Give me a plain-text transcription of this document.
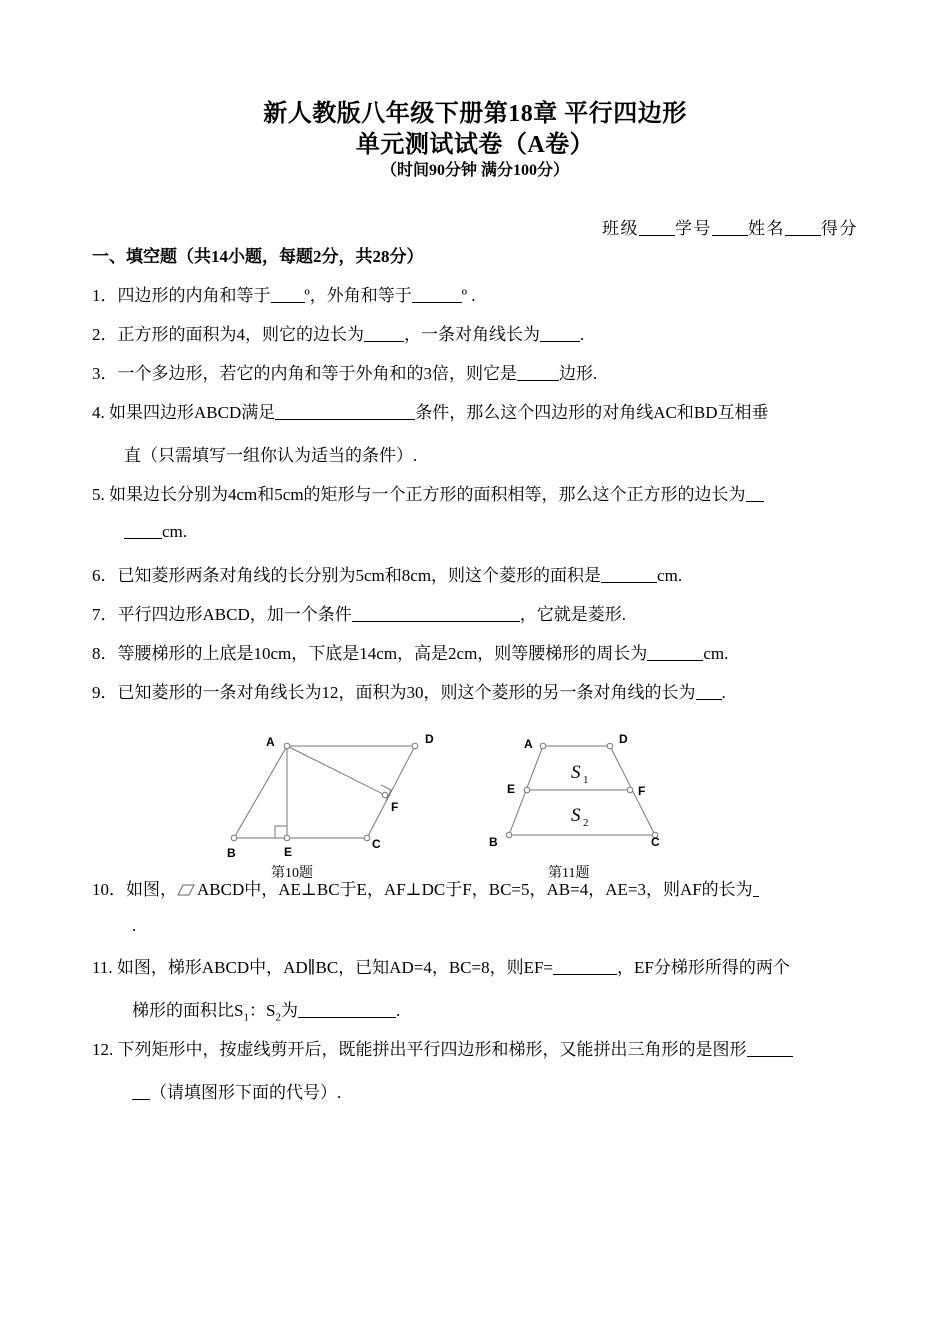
新人教版八年级下册第18章 平行四边形
单元测试试卷（A卷）
（时间90分钟 满分100分）
班级 学号 姓名 得分
一、填空题（共14小题，每题2分，共28分）
1．四边形的内角和等于 º，外角和等于	º .
2．正方形的面积为4，则它的边长为 ，一条对角线长为 .
3．一个多边形，若它的内角和等于外角和的3倍，则它是 边形.
4. 如果四边形ABCD满足	条件，那么这个四边形的对角线AC和BD互相垂
直（只需填写一组你认为适当的条件）.
5. 如果边长分别为4cm和5cm的矩形与一个正方形的面积相等，那么这个正方形的边长为
cm.
6．已知菱形两条对角线的长分别为5cm和8cm，则这个菱形的面积是	cm.
7．平行四边形ABCD，加一个条件	，它就是菱形.
8．等腰梯形的上底是10cm，下底是14cm，高是2cm，则等腰梯形的周长为	cm.
9．已知菱形的一条对角线长为12，面积为30，则这个菱形的另一条对角线的长为 .
A	D
B	E
C
F
A	D
E	F
B	C
S 1
S 2
第10题	第11题
10．如图， ABCD中，AE⊥BC于E，AF⊥DC于F，BC=5，AB=4，AE=3，则AF的长为
.
11. 如图，梯形ABCD中，AD∥BC，已知AD=4，BC=8，则EF=	，EF分梯形所得的两个
梯形的面积比$S_1$：$S_2$为	.
12. 下列矩形中，按虚线剪开后，既能拼出平行四边形和梯形，又能拼出三角形的是图形
（请填图形下面的代号）.
